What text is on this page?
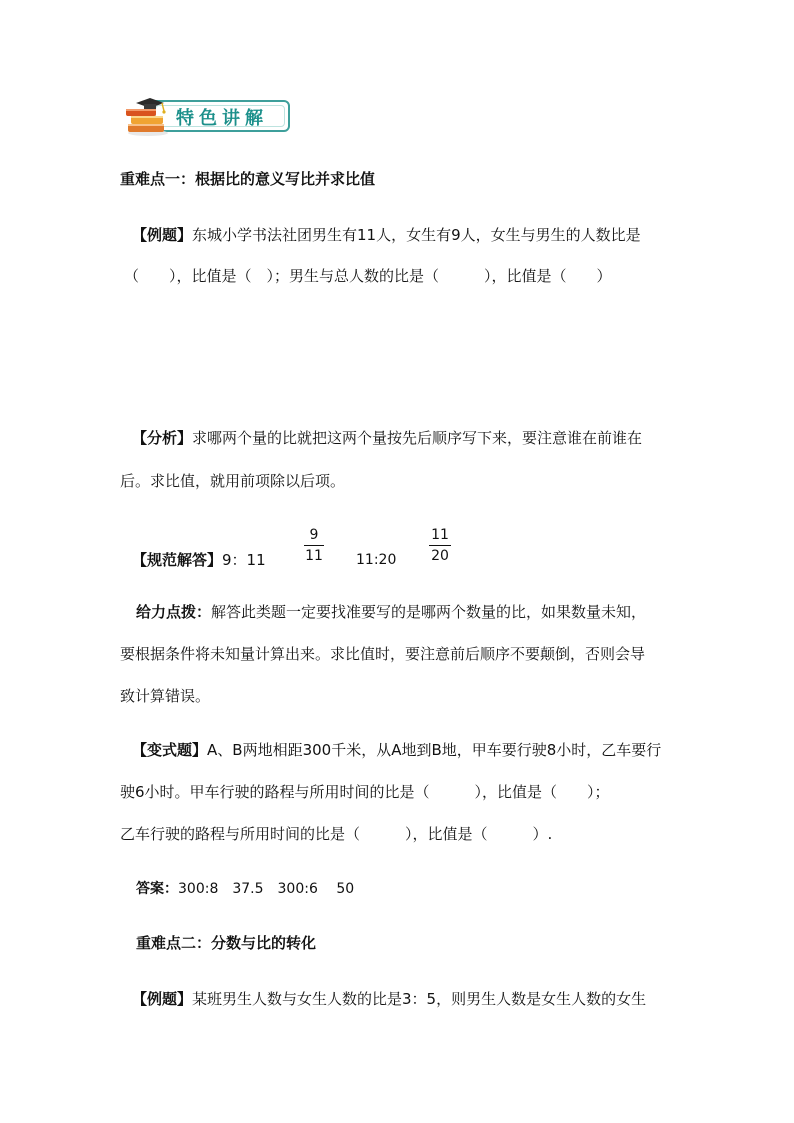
特色讲解
重难点一：根据比的意义写比并求比值
【例题】东城小学书法社团男生有11人，女生有9人，女生与男生的人数比是
（　　），比值是（　）；男生与总人数的比是（　　　），比值是（　　）
【分析】求哪两个量的比就把这两个量按先后顺序写下来，要注意谁在前谁在
后。求比值，就用前项除以后项。
【规范解答】9：11
9
11 11:20
11
20
给力点拨：解答此类题一定要找准要写的是哪两个数量的比，如果数量未知，
要根据条件将未知量计算出来。求比值时，要注意前后顺序不要颠倒，否则会导
致计算错误。
【变式题】A、B两地相距300千米，从A地到B地，甲车要行驶8小时，乙车要行
驶6小时。甲车行驶的路程与所用时间的比是（　　　），比值是（　　）；
乙车行驶的路程与所用时间的比是（　　　），比值是（　　　）.
答案：300:8　37.5　300:6　 50
重难点二：分数与比的转化
【例题】某班男生人数与女生人数的比是3：5，则男生人数是女生人数的女生
